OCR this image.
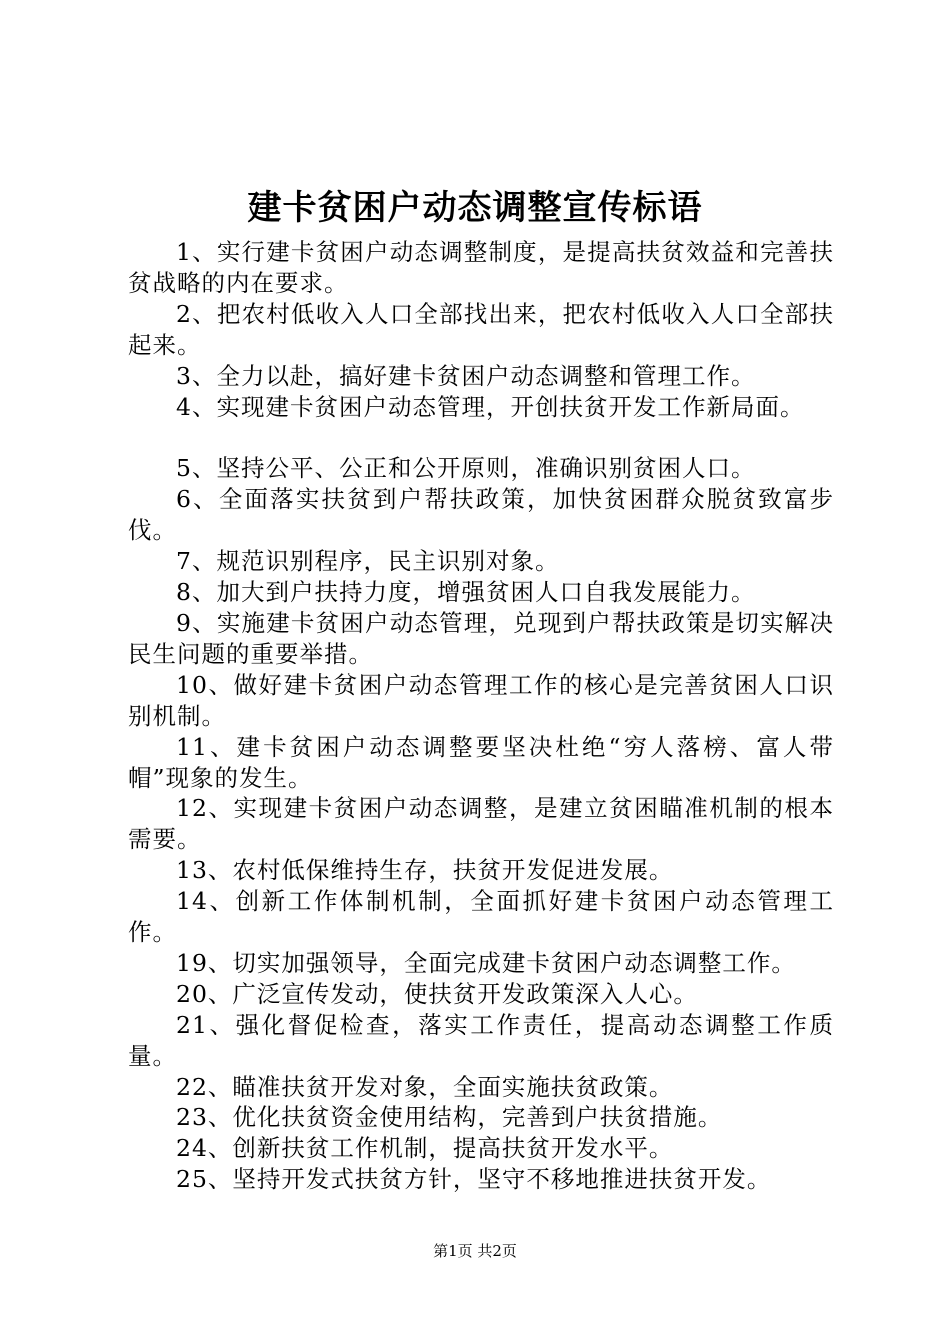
建卡贫困户动态调整宣传标语

1、实行建卡贫困户动态调整制度，是提高扶贫效益和完善扶贫战略的内在要求。

2、把农村低收入人口全部找出来，把农村低收入人口全部扶起来。

3、全力以赴，搞好建卡贫困户动态调整和管理工作。

4、实现建卡贫困户动态管理，开创扶贫开发工作新局面。

5、坚持公平、公正和公开原则，准确识别贫困人口。

6、全面落实扶贫到户帮扶政策，加快贫困群众脱贫致富步伐。

7、规范识别程序，民主识别对象。

8、加大到户扶持力度，增强贫困人口自我发展能力。

9、实施建卡贫困户动态管理，兑现到户帮扶政策是切实解决民生问题的重要举措。

10、做好建卡贫困户动态管理工作的核心是完善贫困人口识别机制。

11、建卡贫困户动态调整要坚决杜绝“穷人落榜、富人带帽”现象的发生。

12、实现建卡贫困户动态调整，是建立贫困瞄准机制的根本需要。

13、农村低保维持生存，扶贫开发促进发展。

14、创新工作体制机制，全面抓好建卡贫困户动态管理工作。

19、切实加强领导，全面完成建卡贫困户动态调整工作。

20、广泛宣传发动，使扶贫开发政策深入人心。

21、强化督促检查，落实工作责任，提高动态调整工作质量。

22、瞄准扶贫开发对象，全面实施扶贫政策。

23、优化扶贫资金使用结构，完善到户扶贫措施。

24、创新扶贫工作机制，提高扶贫开发水平。

25、坚持开发式扶贫方针，坚守不移地推进扶贫开发。

第1页 共2页
